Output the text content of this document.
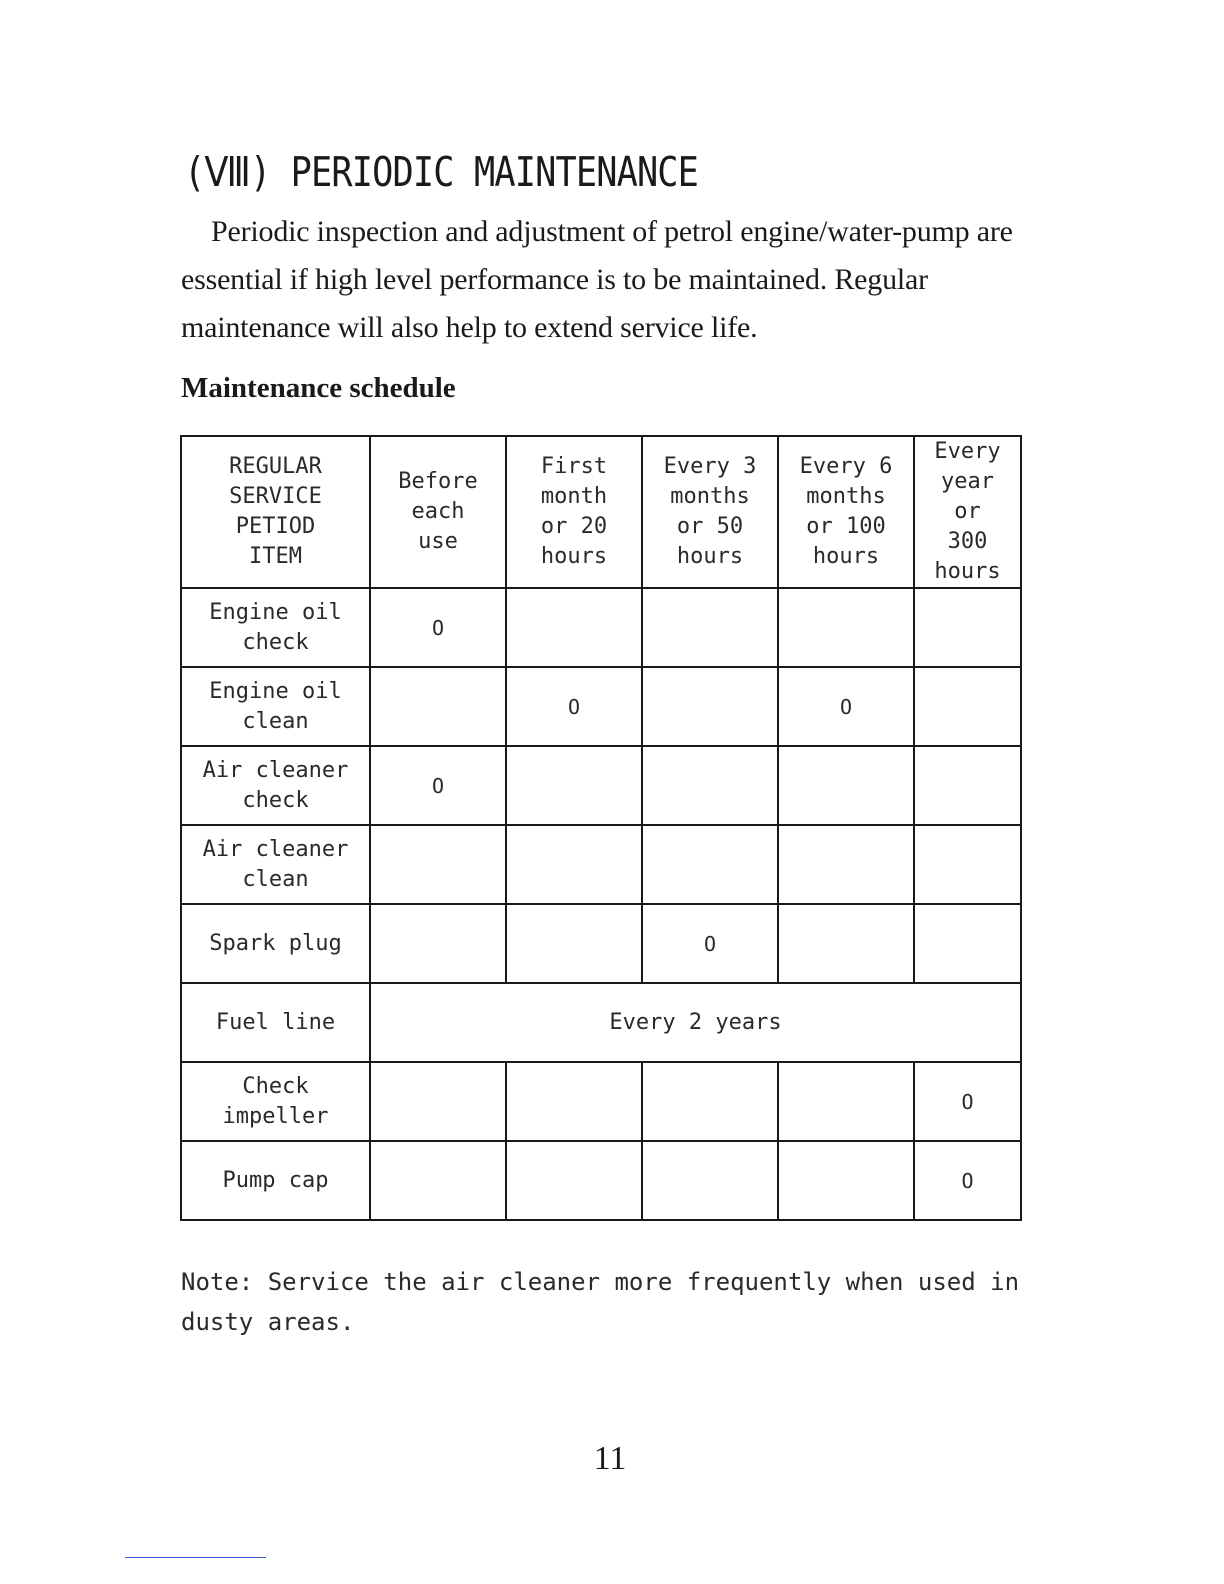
(Ⅷ) PERIODIC MAINTENANCE

Periodic inspection and adjustment of petrol engine/water-pump are essential if high level performance is to be maintained. Regular maintenance will also help to extend service life.

Maintenance schedule
REGULAR
SERVICE
PETIOD
ITEM	Before
each
use	First
month
or 20
hours	Every 3
months
or 50
hours	Every 6
months
or 100
hours	Every
year
or
300
hours

Engine oil
check	O				

Engine oil
clean		O		O	

Air cleaner
check	O				

Air cleaner
clean					

Spark plug			O		

Fuel line	Every 2 years				

Check
impeller					O

Pump cap					O

Note: Service the air cleaner more frequently when used in dusty areas.

11
